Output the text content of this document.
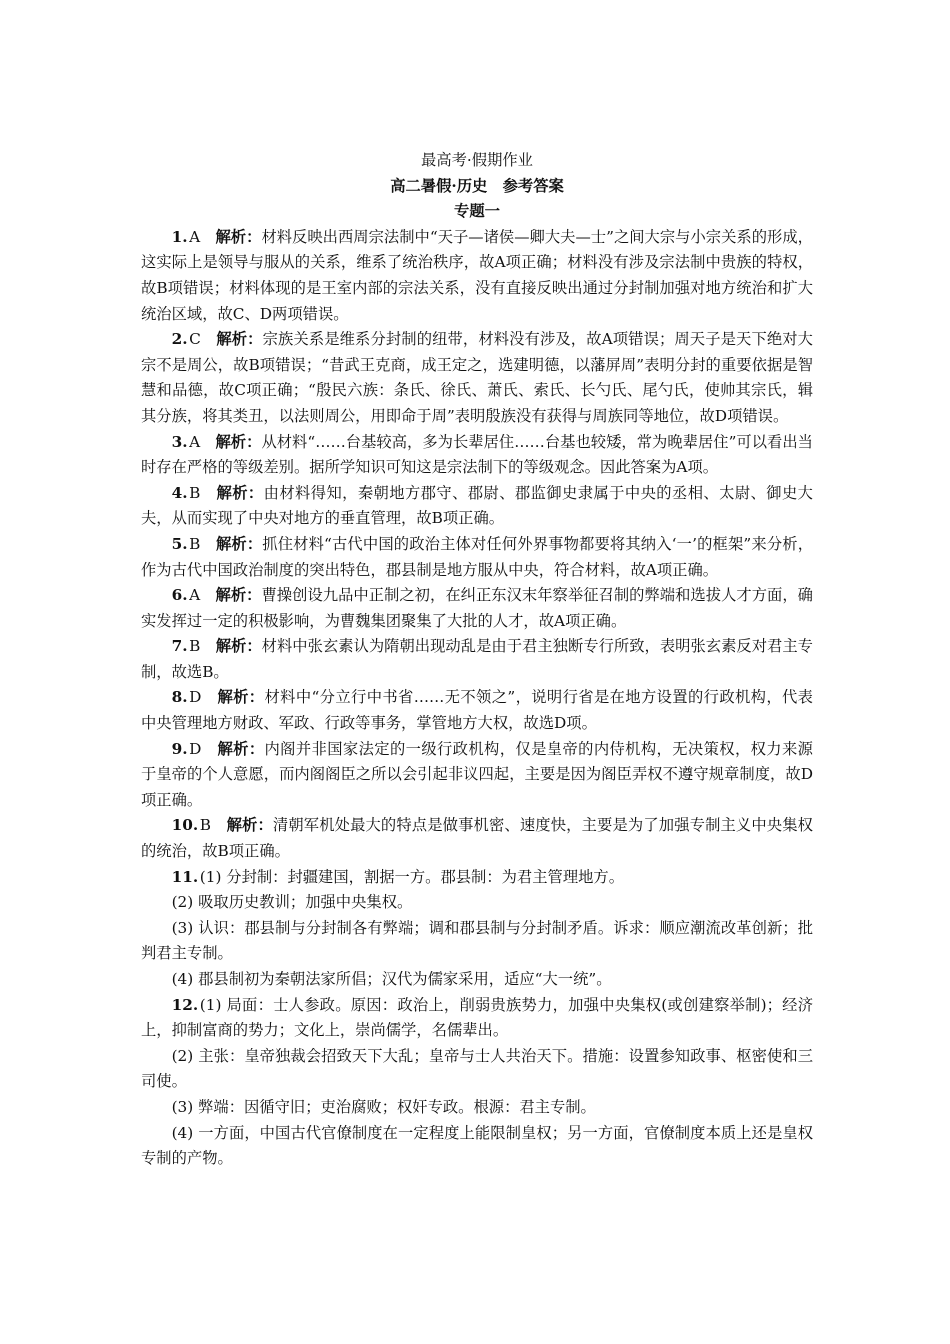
最高考·假期作业
高二暑假·历史　参考答案
专题一

1.  A　 解析：材料反映出西周宗法制中“天子—诸侯—卿大夫—士”之间大宗与小宗关系的形成，这实际上是领导与服从的关系，维系了统治秩序，故A项正确；材料没有涉及宗法制中贵族的特权，故B项错误；材料体现的是王室内部的宗法关系，没有直接反映出通过分封制加强对地方统治和扩大统治区域，故C、D两项错误。

2.  C　 解析：宗族关系是维系分封制的纽带，材料没有涉及，故A项错误；周天子是天下绝对大宗不是周公，故B项错误；“昔武王克商，成王定之，选建明德，以藩屏周”表明分封的重要依据是智慧和品德，故C项正确；“殷民六族：条氏、徐氏、萧氏、索氏、长勺氏、尾勺氏，使帅其宗氏，辑其分族，将其类丑，以法则周公，用即命于周”表明殷族没有获得与周族同等地位，故D项错误。

3.  A　 解析：从材料“……台基较高，多为长辈居住……台基也较矮，常为晚辈居住”可以看出当时存在严格的等级差别。据所学知识可知这是宗法制下的等级观念。因此答案为A项。

4.  B　 解析：由材料得知，秦朝地方郡守、郡尉、郡监御史隶属于中央的丞相、太尉、御史大夫，从而实现了中央对地方的垂直管理，故B项正确。

5.  B　 解析：抓住材料“古代中国的政治主体对任何外界事物都要将其纳入‘一’的框架”来分析，作为古代中国政治制度的突出特色，郡县制是地方服从中央，符合材料，故A项正确。

6.  A　 解析：曹操创设九品中正制之初，在纠正东汉末年察举征召制的弊端和选拔人才方面，确实发挥过一定的积极影响，为曹魏集团聚集了大批的人才，故A项正确。

7.  B　 解析：材料中张玄素认为隋朝出现动乱是由于君主独断专行所致，表明张玄素反对君主专制，故选B。

8.  D　 解析：材料中“分立行中书省……无不领之”，说明行省是在地方设置的行政机构，代表中央管理地方财政、军政、行政等事务，掌管地方大权，故选D项。

9.  D　 解析：内阁并非国家法定的一级行政机构，仅是皇帝的内侍机构，无决策权，权力来源于皇帝的个人意愿，而内阁阁臣之所以会引起非议四起，主要是因为阁臣弄权不遵守规章制度，故D项正确。

10.  B　 解析：清朝军机处最大的特点是做事机密、速度快，主要是为了加强专制主义中央集权的统治，故B项正确。

11.  (1) 分封制：封疆建国，割据一方。郡县制：为君主管理地方。

(2) 吸取历史教训；加强中央集权。

(3) 认识：郡县制与分封制各有弊端；调和郡县制与分封制矛盾。诉求：顺应潮流改革创新；批判君主专制。

(4) 郡县制初为秦朝法家所倡；汉代为儒家采用，适应“大一统”。

12.  (1) 局面：士人参政。原因：政治上，削弱贵族势力，加强中央集权(或创建察举制)；经济上，抑制富商的势力；文化上，崇尚儒学，名儒辈出。

(2) 主张：皇帝独裁会招致天下大乱；皇帝与士人共治天下。措施：设置参知政事、枢密使和三司使。

(3) 弊端：因循守旧；吏治腐败；权奸专政。根源：君主专制。

(4) 一方面，中国古代官僚制度在一定程度上能限制皇权；另一方面，官僚制度本质上还是皇权专制的产物。
